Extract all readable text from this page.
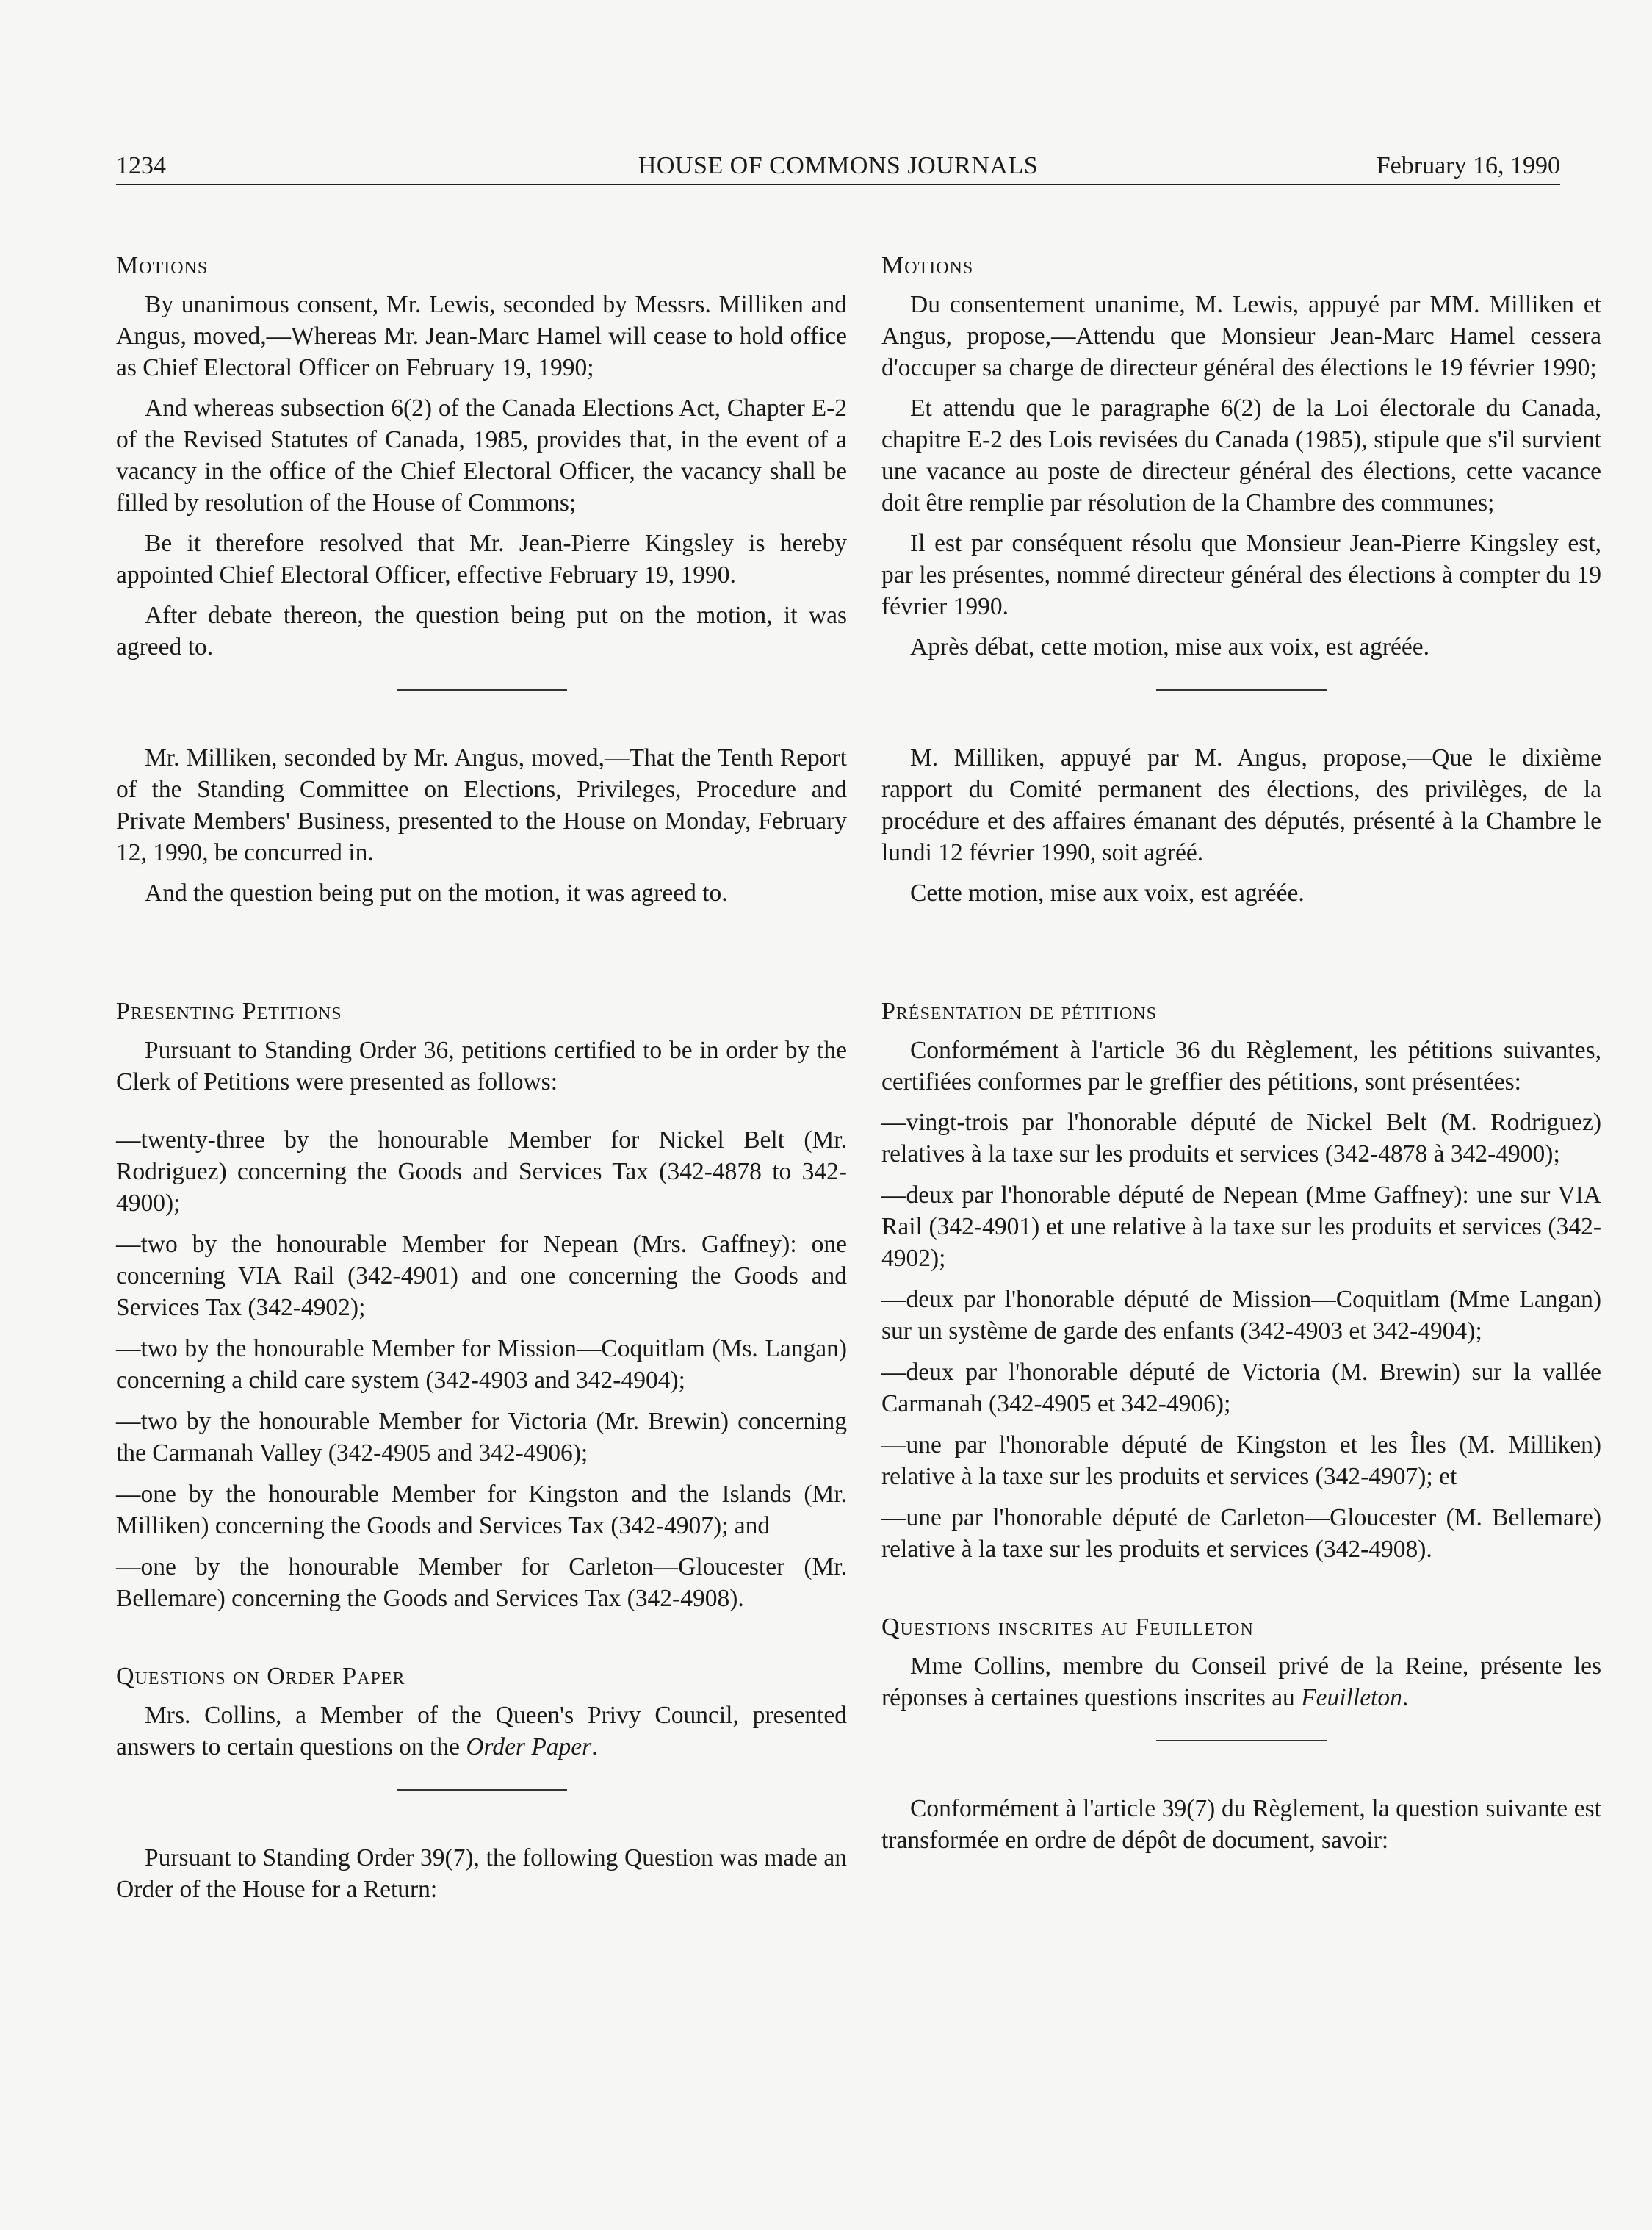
1234	HOUSE OF COMMONS JOURNALS	February 16, 1990
Motions

By unanimous consent, Mr. Lewis, seconded by Messrs. Milliken and Angus, moved,—Whereas Mr. Jean-Marc Hamel will cease to hold office as Chief Electoral Officer on February 19, 1990;

And whereas subsection 6(2) of the Canada Elections Act, Chapter E-2 of the Revised Statutes of Canada, 1985, provides that, in the event of a vacancy in the office of the Chief Electoral Officer, the vacancy shall be filled by resolution of the House of Commons;

Be it therefore resolved that Mr. Jean-Pierre Kingsley is hereby appointed Chief Electoral Officer, effective February 19, 1990.

After debate thereon, the question being put on the motion, it was agreed to.

Mr. Milliken, seconded by Mr. Angus, moved,—That the Tenth Report of the Standing Committee on Elections, Privileges, Procedure and Private Members' Business, presented to the House on Monday, February 12, 1990, be concurred in.

And the question being put on the motion, it was agreed to.

Presenting Petitions

Pursuant to Standing Order 36, petitions certified to be in order by the Clerk of Petitions were presented as follows:

—twenty-three by the honourable Member for Nickel Belt (Mr. Rodriguez) concerning the Goods and Services Tax (342-4878 to 342-4900);

—two by the honourable Member for Nepean (Mrs. Gaffney): one concerning VIA Rail (342-4901) and one concerning the Goods and Services Tax (342-4902);

—two by the honourable Member for Mission—Coquitlam (Ms. Langan) concerning a child care system (342-4903 and 342-4904);

—two by the honourable Member for Victoria (Mr. Brewin) concerning the Carmanah Valley (342-4905 and 342-4906);

—one by the honourable Member for Kingston and the Islands (Mr. Milliken) concerning the Goods and Services Tax (342-4907); and

—one by the honourable Member for Carleton—Gloucester (Mr. Bellemare) concerning the Goods and Services Tax (342-4908).

Questions on Order Paper

Mrs. Collins, a Member of the Queen's Privy Council, presented answers to certain questions on the Order Paper.

Pursuant to Standing Order 39(7), the following Question was made an Order of the House for a Return:

Motions

Du consentement unanime, M. Lewis, appuyé par MM. Milliken et Angus, propose,—Attendu que Monsieur Jean-Marc Hamel cessera d'occuper sa charge de directeur général des élections le 19 février 1990;

Et attendu que le paragraphe 6(2) de la Loi électorale du Canada, chapitre E-2 des Lois revisées du Canada (1985), stipule que s'il survient une vacance au poste de directeur général des élections, cette vacance doit être remplie par résolution de la Chambre des communes;

Il est par conséquent résolu que Monsieur Jean-Pierre Kingsley est, par les présentes, nommé directeur général des élections à compter du 19 février 1990.

Après débat, cette motion, mise aux voix, est agréée.

M. Milliken, appuyé par M. Angus, propose,—Que le dixième rapport du Comité permanent des élections, des privilèges, de la procédure et des affaires émanant des députés, présenté à la Chambre le lundi 12 février 1990, soit agréé.

Cette motion, mise aux voix, est agréée.

Présentation de pétitions

Conformément à l'article 36 du Règlement, les pétitions suivantes, certifiées conformes par le greffier des pétitions, sont présentées:

—vingt-trois par l'honorable député de Nickel Belt (M. Rodriguez) relatives à la taxe sur les produits et services (342-4878 à 342-4900);

—deux par l'honorable député de Nepean (Mme Gaffney): une sur VIA Rail (342-4901) et une relative à la taxe sur les produits et services (342-4902);

—deux par l'honorable député de Mission—Coquitlam (Mme Langan) sur un système de garde des enfants (342-4903 et 342-4904);

—deux par l'honorable député de Victoria (M. Brewin) sur la vallée Carmanah (342-4905 et 342-4906);

—une par l'honorable député de Kingston et les Îles (M. Milliken) relative à la taxe sur les produits et services (342-4907); et

—une par l'honorable député de Carleton—Gloucester (M. Bellemare) relative à la taxe sur les produits et services (342-4908).

Questions inscrites au Feuilleton

Mme Collins, membre du Conseil privé de la Reine, présente les réponses à certaines questions inscrites au Feuilleton.

Conformément à l'article 39(7) du Règlement, la question suivante est transformée en ordre de dépôt de document, savoir:
